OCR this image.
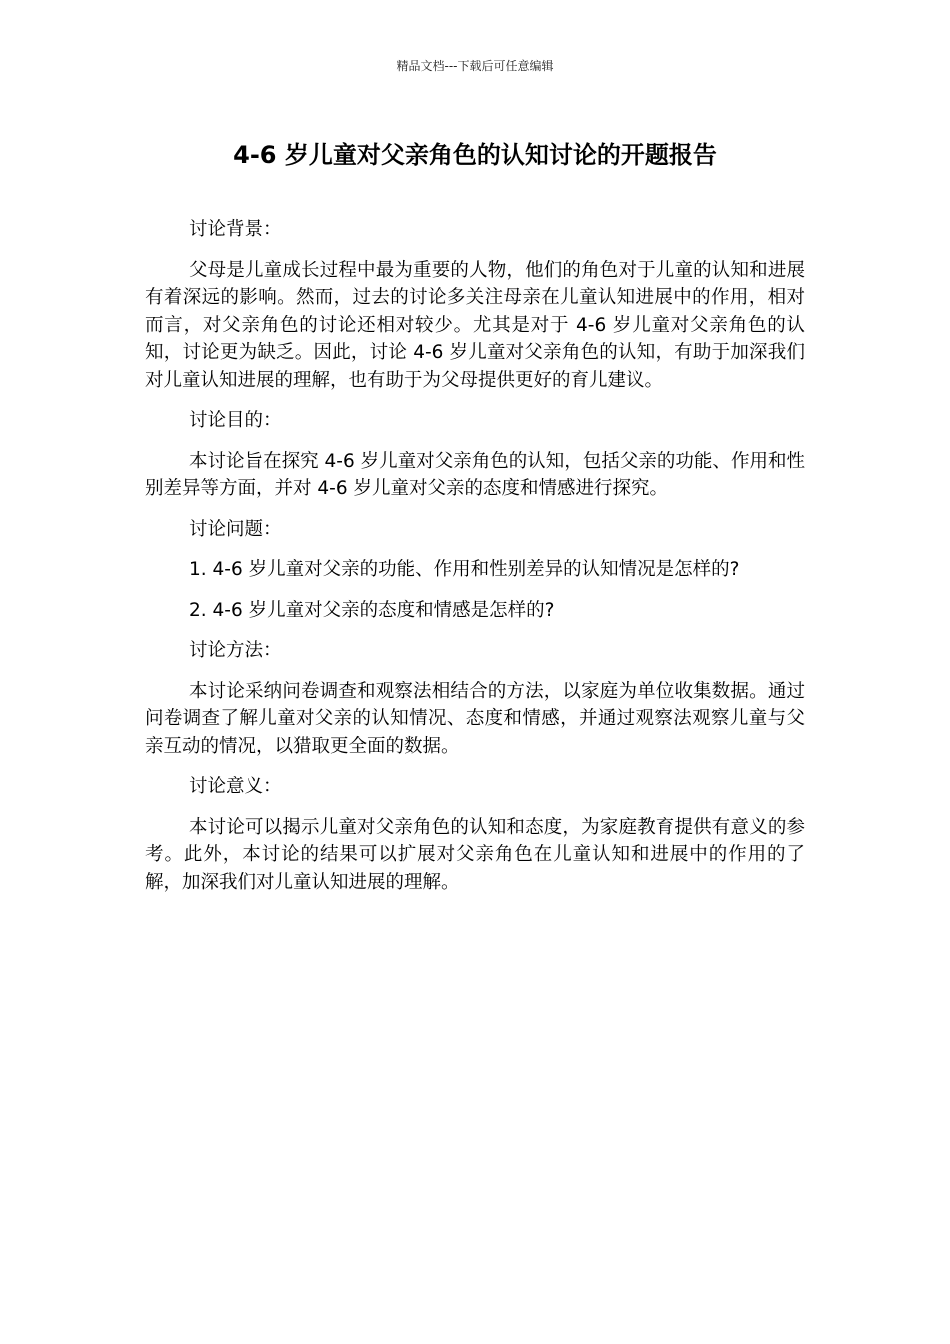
精品文档---下载后可任意编辑
4-6 岁儿童对父亲角色的认知讨论的开题报告

讨论背景：

父母是儿童成长过程中最为重要的人物，他们的角色对于儿童的认知和进展有着深远的影响。然而，过去的讨论多关注母亲在儿童认知进展中的作用，相对而言，对父亲角色的讨论还相对较少。尤其是对于 4-6 岁儿童对父亲角色的认知，讨论更为缺乏。因此，讨论 4-6 岁儿童对父亲角色的认知，有助于加深我们对儿童认知进展的理解，也有助于为父母提供更好的育儿建议。

讨论目的：

本讨论旨在探究 4-6 岁儿童对父亲角色的认知，包括父亲的功能、作用和性别差异等方面，并对 4-6 岁儿童对父亲的态度和情感进行探究。

讨论问题：

1. 4-6 岁儿童对父亲的功能、作用和性别差异的认知情况是怎样的?

2. 4-6 岁儿童对父亲的态度和情感是怎样的?

讨论方法：

本讨论采纳问卷调查和观察法相结合的方法，以家庭为单位收集数据。通过问卷调查了解儿童对父亲的认知情况、态度和情感，并通过观察法观察儿童与父亲互动的情况，以猎取更全面的数据。

讨论意义：

本讨论可以揭示儿童对父亲角色的认知和态度，为家庭教育提供有意义的参考。此外，本讨论的结果可以扩展对父亲角色在儿童认知和进展中的作用的了解，加深我们对儿童认知进展的理解。
